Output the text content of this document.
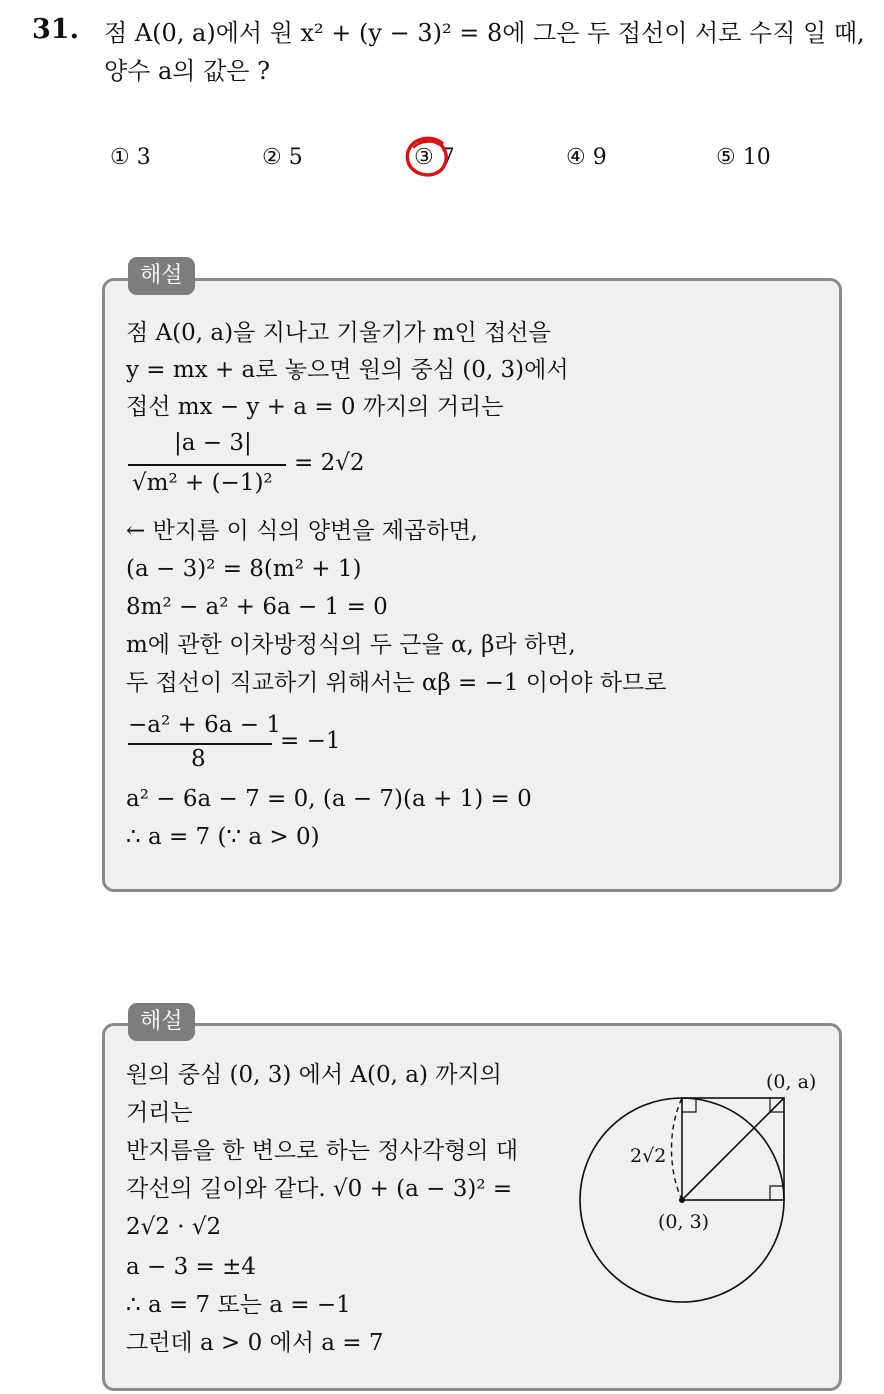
31. 점 A(0, a)에서 원 x² + (y − 3)² = 8에 그은 두 접선이 서로 수직 일 때, 양수 a의 값은 ?
① 3	② 5	③ 7	④ 9	⑤ 10
해설
점 A(0, a)을 지나고 기울기가 m인 접선을
y = mx + a로 놓으면 원의 중심 (0, 3)에서
접선 mx − y + a = 0 까지의 거리는
|a − 3|
√m² + (−1)²
= 2√2
← 반지름 이 식의 양변을 제곱하면,
(a − 3)² = 8(m² + 1)
8m² − a² + 6a − 1 = 0
m에 관한 이차방정식의 두 근을 α, β라 하면,
두 접선이 직교하기 위해서는 αβ = −1 이어야 하므로
−a² + 6a − 1
8
= −1
a² − 6a − 7 = 0, (a − 7)(a + 1) = 0
∴ a = 7 (∵ a > 0)
해설
원의 중심 (0, 3) 에서 A(0, a) 까지의
거리는
반지름을 한 변으로 하는 정사각형의 대
각선의 길이와 같다. √0 + (a − 3)² =
2√2 · √2
a − 3 = ±4
∴ a = 7 또는 a = −1
그런데 a > 0 에서 a = 7
(0, a)
(0, 3)
2√2
